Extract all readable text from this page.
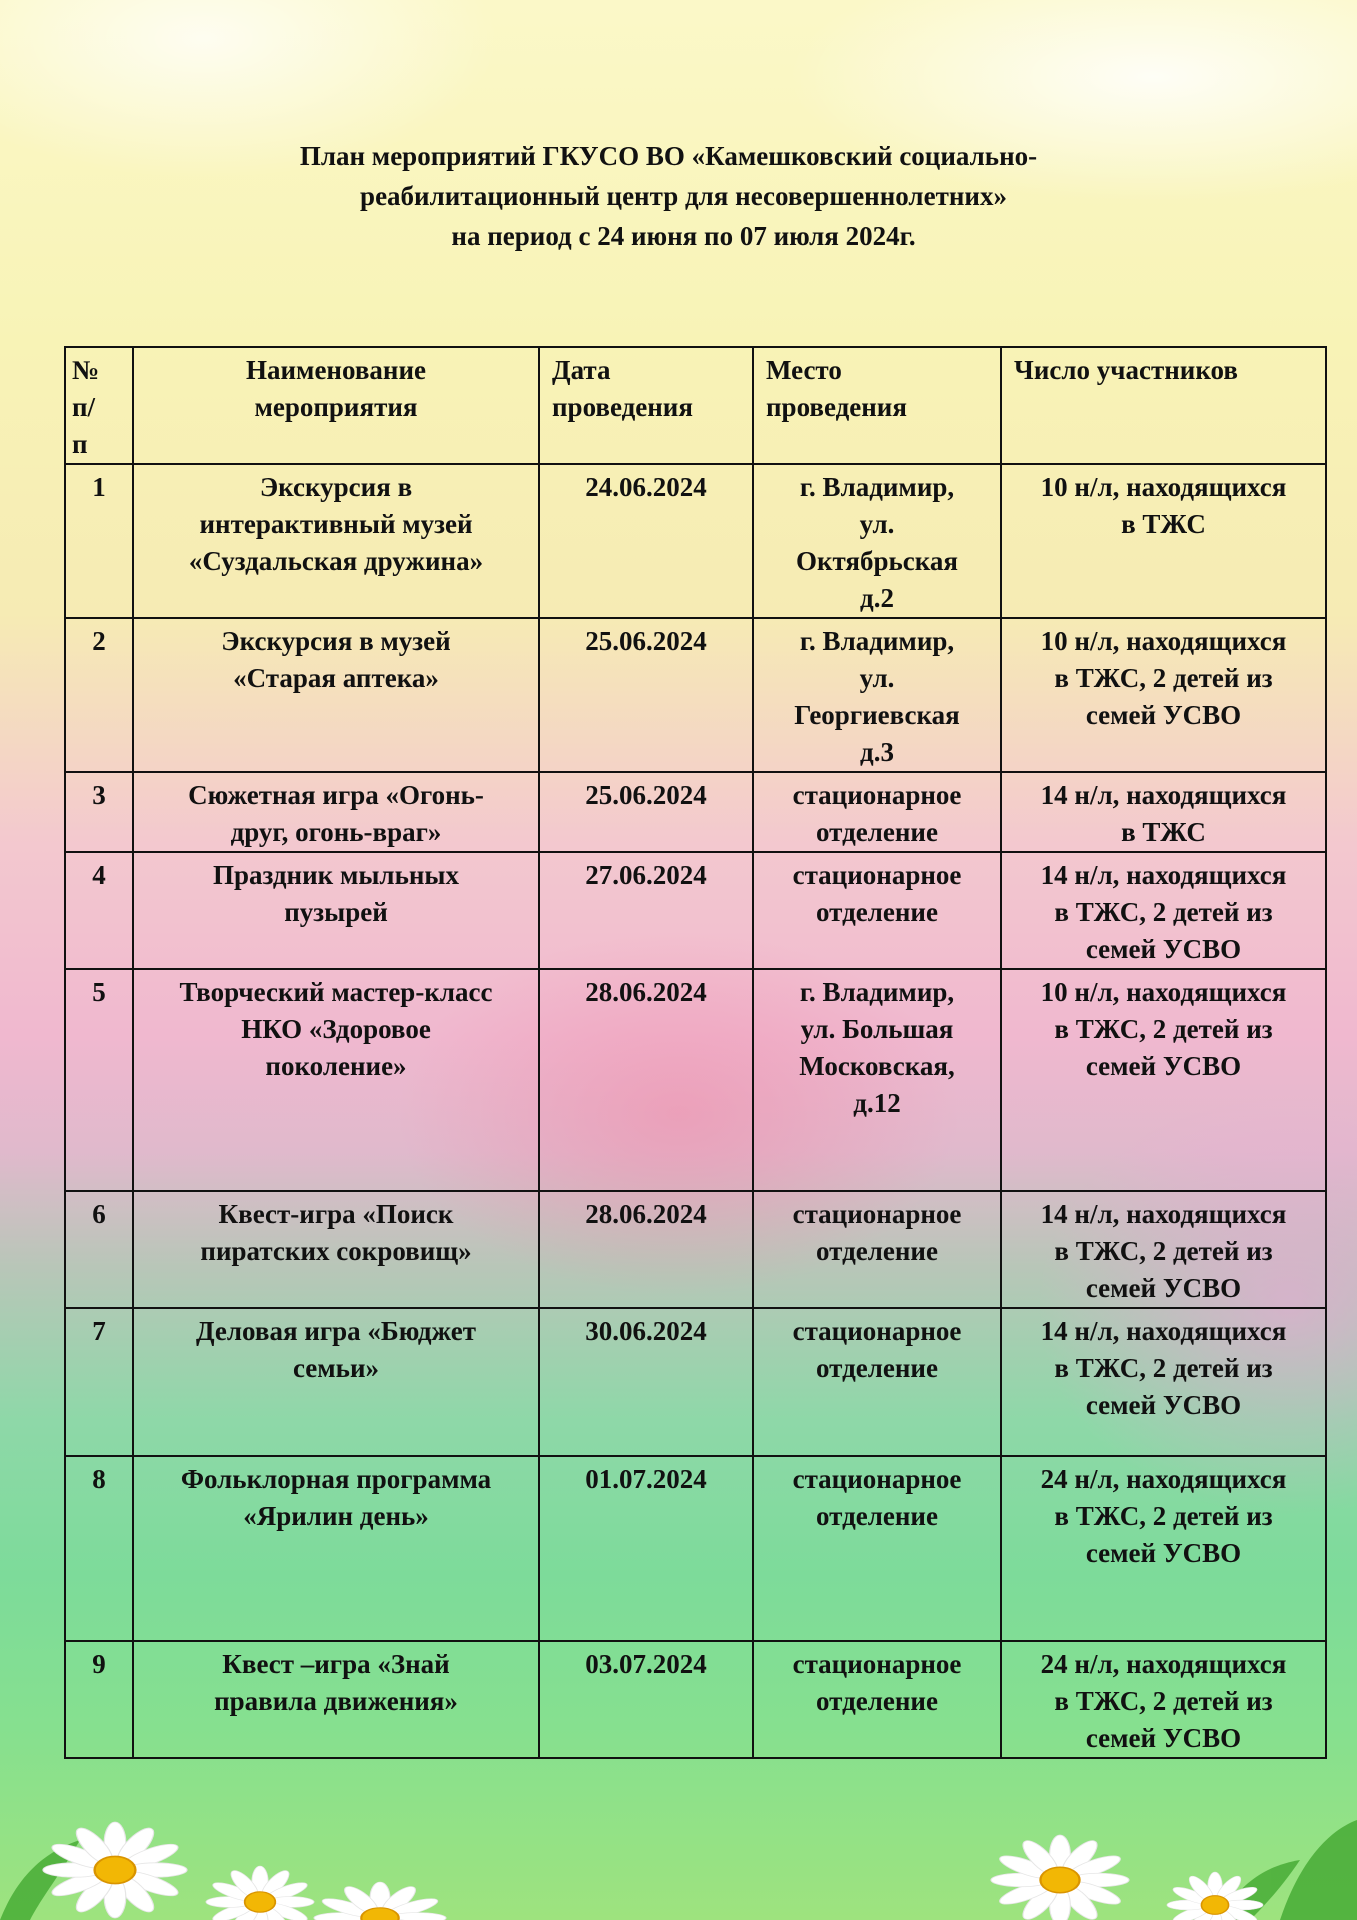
План мероприятий ГКУСО ВО «Камешковский социально-
реабилитационный центр для несовершеннолетних»
на период с 24 июня по 07 июля 2024г.
№
п/
п	Наименование
мероприятия	Дата
проведения	Место
проведения	Число участников
1	Экскурсия в
интерактивный музей
«Суздальская дружина»	24.06.2024	г. Владимир,
ул.
Октябрьская
д.2	10 н/л, находящихся
в ТЖС
2	Экскурсия в музей
«Старая аптека»	25.06.2024	г. Владимир,
ул.
Георгиевская
д.3	10 н/л, находящихся
в ТЖС, 2 детей из
семей УСВО
3	Сюжетная игра «Огонь-
друг, огонь-враг»	25.06.2024	стационарное
отделение	14 н/л, находящихся
в ТЖС
4	Праздник мыльных
пузырей	27.06.2024	стационарное
отделение	14 н/л, находящихся
в ТЖС, 2 детей из
семей УСВО
5	Творческий мастер-класс
НКО «Здоровое
поколение»	28.06.2024	г. Владимир,
ул. Большая
Московская,
д.12	10 н/л, находящихся
в ТЖС, 2 детей из
семей УСВО
6	Квест-игра «Поиск
пиратских сокровищ»	28.06.2024	стационарное
отделение	14 н/л, находящихся
в ТЖС, 2 детей из
семей УСВО
7	Деловая игра «Бюджет
семьи»	30.06.2024	стационарное
отделение	14 н/л, находящихся
в ТЖС, 2 детей из
семей УСВО
8	Фольклорная программа
«Ярилин день»	01.07.2024	стационарное
отделение	24 н/л, находящихся
в ТЖС, 2 детей из
семей УСВО
9	Квест –игра «Знай
правила движения»	03.07.2024	стационарное
отделение	24 н/л, находящихся
в ТЖС, 2 детей из
семей УСВО
